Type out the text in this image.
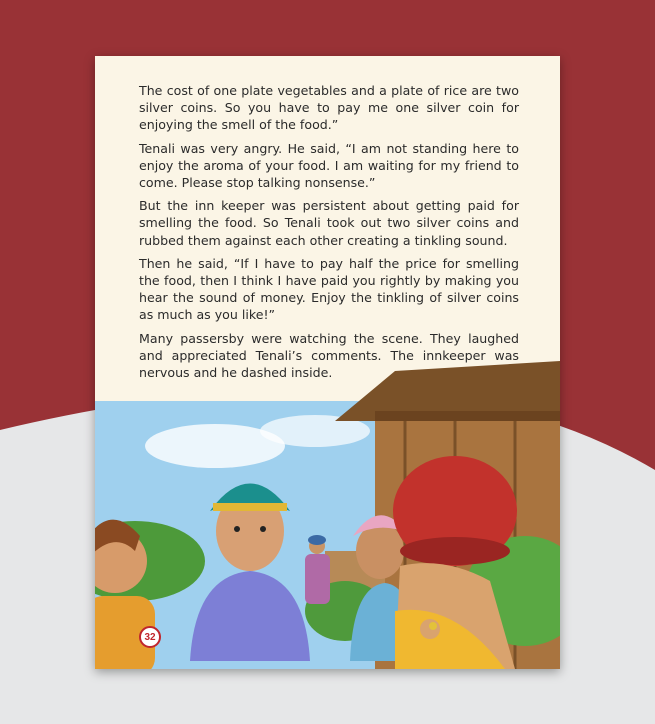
The cost of one plate vegetables and a plate of rice are two silver coins. So you have to pay me one silver coin for enjoying the smell of the food.”

Tenali was very angry. He said, “I am not standing here to enjoy the aroma of your food. I am waiting for my friend to come. Please stop talking nonsense.”

But the inn keeper was persistent about getting paid for smelling the food. So Tenali took out two silver coins and rubbed them against each other creating a tinkling sound.

Then he said, “If I have to pay half the price for smelling the food, then I think I have paid you rightly by making you hear the sound of money. Enjoy the tinkling of silver coins as much as you like!”

Many passersby were watching the scene. They laughed and appreciated Tenali’s comments. The innkeeper was nervous and he dashed inside.

32
